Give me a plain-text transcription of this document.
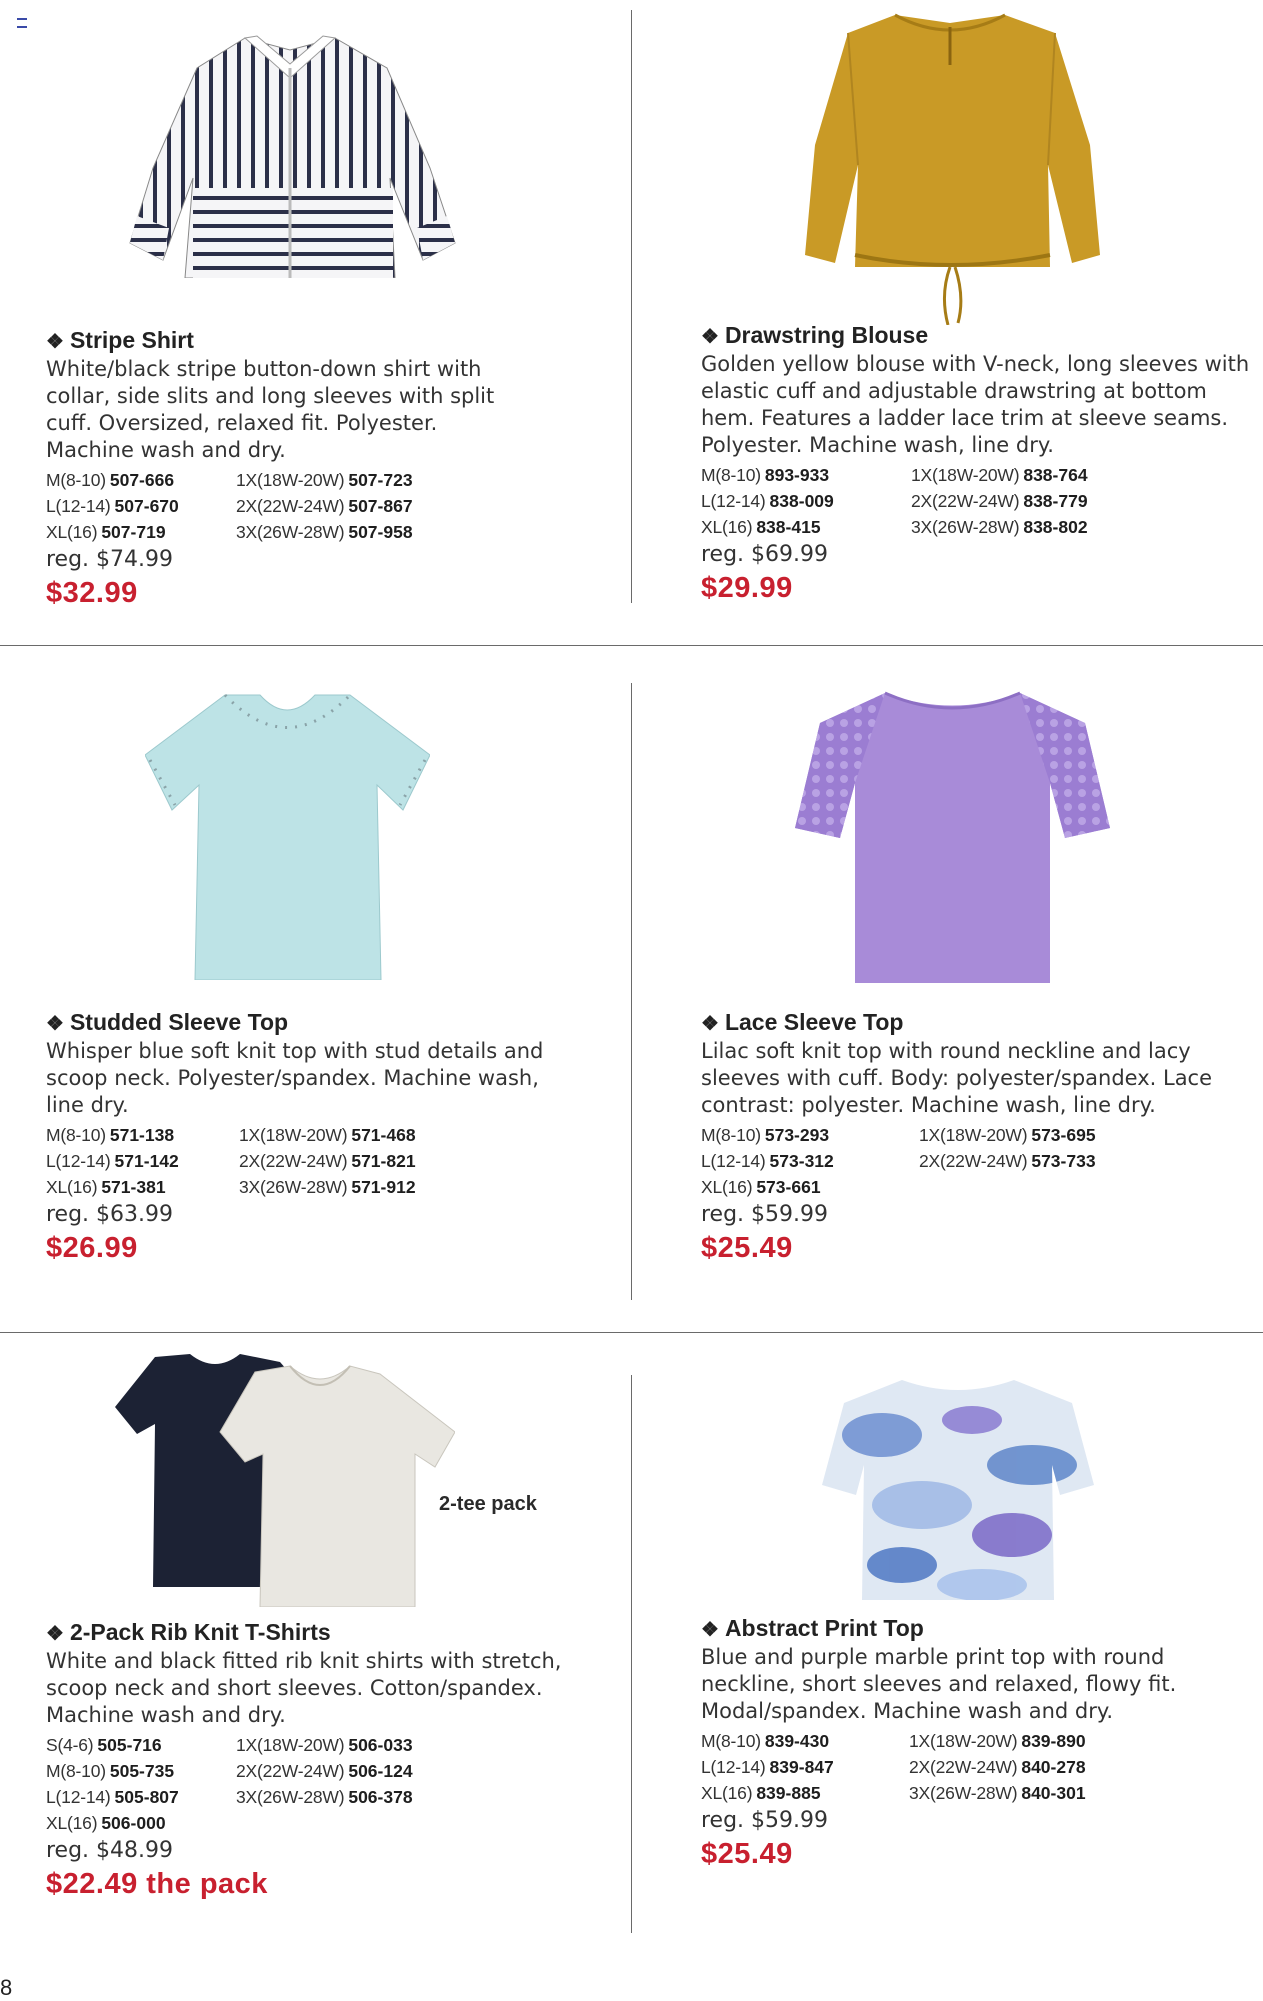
2-tee pack
❖ Stripe Shirt
White/black stripe button-down shirt with collar, side slits and long sleeves with split cuff. Oversized, relaxed fit. Polyester. Machine wash and dry.
M(8-10) 507-666	1X(18W-20W) 507-723
L(12-14) 507-670	2X(22W-24W) 507-867
XL(16) 507-719	3X(26W-28W) 507-958
reg. $74.99
$32.99
❖ Drawstring Blouse
Golden yellow blouse with V-neck, long sleeves with elastic cuff and adjustable drawstring at bottom hem. Features a ladder lace trim at sleeve seams. Polyester. Machine wash, line dry.
M(8-10) 893-933	1X(18W-20W) 838-764
L(12-14) 838-009	2X(22W-24W) 838-779
XL(16) 838-415	3X(26W-28W) 838-802
reg. $69.99
$29.99
❖ Studded Sleeve Top
Whisper blue soft knit top with stud details and scoop neck. Polyester/spandex. Machine wash, line dry.
M(8-10) 571-138	1X(18W-20W) 571-468
L(12-14) 571-142	2X(22W-24W) 571-821
XL(16) 571-381	3X(26W-28W) 571-912
reg. $63.99
$26.99
❖ Lace Sleeve Top
Lilac soft knit top with round neckline and lacy sleeves with cuff. Body: polyester/spandex. Lace contrast: polyester. Machine wash, line dry.
M(8-10) 573-293	1X(18W-20W) 573-695
L(12-14) 573-312	2X(22W-24W) 573-733
XL(16) 573-661
reg. $59.99
$25.49
❖ 2-Pack Rib Knit T-Shirts
White and black fitted rib knit shirts with stretch, scoop neck and short sleeves. Cotton/spandex. Machine wash and dry.
S(4-6) 505-716	1X(18W-20W) 506-033
M(8-10) 505-735	2X(22W-24W) 506-124
L(12-14) 505-807	3X(26W-28W) 506-378
XL(16) 506-000
reg. $48.99
$22.49 the pack
❖ Abstract Print Top
Blue and purple marble print top with round neckline, short sleeves and relaxed, flowy fit. Modal/spandex. Machine wash and dry.
M(8-10) 839-430	1X(18W-20W) 839-890
L(12-14) 839-847	2X(22W-24W) 840-278
XL(16) 839-885	3X(26W-28W) 840-301
reg. $59.99
$25.49
8
